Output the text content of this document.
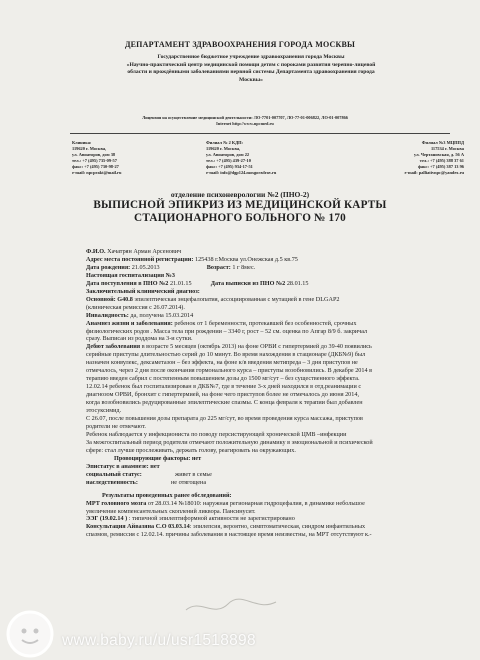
ДЕПАРТАМЕНТ ЗДРАВООХРАНЕНИЯ ГОРОДА МОСКВЫ
Государственное бюджетное учреждение здравоохранения города Москвы
«Научно-практический центр медицинской помощи детям с пороками развития черепно-лицевой
области и врождёнными заболеваниями нервной системы Департамента здравоохранения города
Москвы»
Лицензия на осуществление медицинской деятельности: ЛО-7701-007707, ЛО-77-01-006822, ЛО-01-007866
Internet http://www.npcmed.ru
Клиника:
119620 г. Москва,
ул. Авиаторов, дом 38
тел.: +7 (495) 735-09-57
факс: +7 (495) 730-98-27
e-mail: npcprakt@mail.ru
Филиал № 2 КДП:
119620 г. Москва,
ул. Авиаторов, дом 22
тел.: +7 (495) 439-27-10
факс: +7 (495) 934-17-51
e-mail: info@dgp124.mosgorzdrav.ru
Филиал №3 МЦППД
117534 г. Москва
ул. Чертановская, д. 56 А
тел.: +7 (495) 388 37 61
факс: +7 (495) 387 13 96
e-mail: palliativnpc@yandex.ru
отделение психоневрологии №2 (ПНО-2)
ВЫПИСНОЙ ЭПИКРИЗ ИЗ МЕДИЦИНСКОЙ КАРТЫ
СТАЦИОНАРНОГО БОЛЬНОГО № 170

Ф.И.О. Хачатрян Арман Арсенович

Адрес места постоянной регистрации: 125438 г.Москва ул.Онежская д.5 кв.75

Дата рождения: 21.05.2013	Возраст: 1 г 8мес.

Настоящая госпитализация №3

Дата поступления в ПНО №2 21.01.15	Дата выписки из ПНО №2 28.01.15

Заключительный клинический диагноз:

Основной: G40.8 эпилептическая энцефалопатия, ассоциированная с мутацией в гене DLGAP2

(клиническая ремиссия с 26.07.2014).

Инвалидность: да, получена 15.03.2014

Анамнез жизни и заболевания: ребенок от 1 беременности, протекавшей без особенностей, срочных
физиологических родов . Масса тела при рождении – 3340 г, рост – 52 см. оценка по Апгар 8/9 б. закричал
сразу. Выписан из роддома на 3-и сутки.
Дебют заболевания в возрасте 5 месяцев (октябрь 2013) на фоне ОРВИ с гипертермией до 39-40 появились
серийные приступы длительностью серий до 10 минут. Во время нахождения в стационаре (ДКБ№9) был
назначен конвулекс, дексаметазон – без эффекта, на фоне к/в введения метипреда – 3 дня приступов не
отмечалось, через 2 дня после окончания гормонального курса – приступы возобновились. В декабре 2014 в
терапию введен сабрил с постепенным повышением дозы до 1500 мг/сут – без существенного эффекта.
12.02.14 ребенок был госпитализирован в ДКБ№7, где в течение 3-х дней находился в отд.реанимации с
диагнозом ОРВИ, бронхит с гипертермией, на фоне чего приступов более не отмечалось до июня 2014,
когда возобновились редуцированные эпилептические спазмы. С конца февраля к терапии был добавлен
этосуксимид.
С 26.07, после повышения дозы препарата до 225 мг/сут, во время проведения курса массажа, приступов
родители не отмечают.
Ребенок наблюдается у инфекциониста по поводу персистирующей хронической ЦМВ –инфекции
За межгоспитальный период родители отмечают положительную динамику в эмоциональной и психической
сфере: стал лучше прослеживать, держать голову, реагировать на окружающих.

Провоцирующие факторы: нет

Эпистатус в анамнезе: нет

социальный статус:	живет в семье

наследственность:	не отягощена

Результаты проведенных ранее обследований:

МРТ головного мозга от 28.03.14 №18010: наружная регионарная гидроцефалия, в динамике небольшое
увеличение компенсантельных скоплений ликвора. Пансинусит.
ЭЭГ (19.02.14 ) : типичной эпилептиформной активности не зарегистрировано
Консультация Айвазяна С.О 03.03.14: эпилепсия, вероятно, симптоматическая, синдром инфантильных
спазмов, ремиссия с 12.02.14. причины заболевания в настоящее время неизвестны, на МРТ отсутствуют к.-
www.baby.ru/u/usr1518898
